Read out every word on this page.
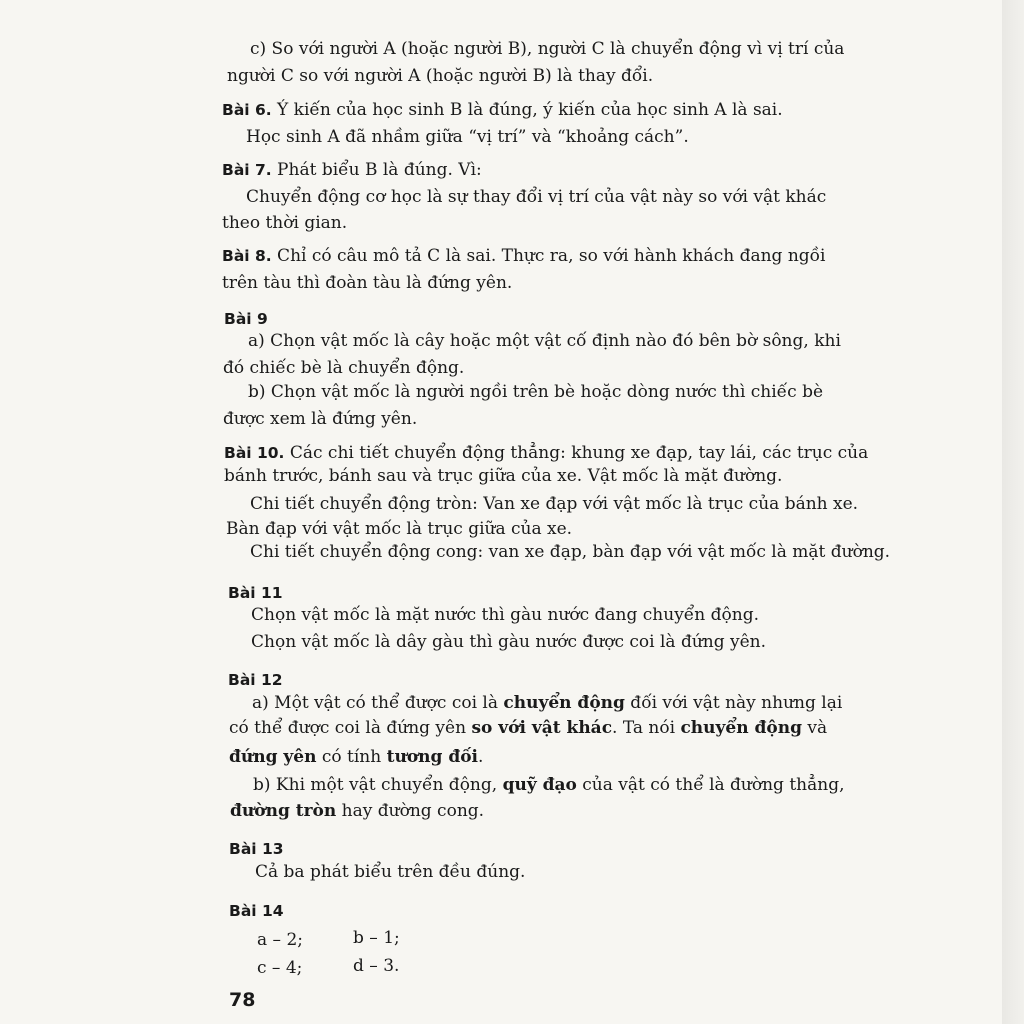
c) So với người A (hoặc người B), người C là chuyển động vì vị trí của
người C so với người A (hoặc người B) là thay đổi.
Bài 6. Ý kiến của học sinh B là đúng, ý kiến của học sinh A là sai.
Học sinh A đã nhầm giữa “vị trí” và “khoảng cách”.
Bài 7. Phát biểu B là đúng. Vì:
Chuyển động cơ học là sự thay đổi vị trí của vật này so với vật khác
theo thời gian.
Bài 8. Chỉ có câu mô tả C là sai. Thực ra, so với hành khách đang ngồi
trên tàu thì đoàn tàu là đứng yên.
Bài 9
a) Chọn vật mốc là cây hoặc một vật cố định nào đó bên bờ sông, khi
đó chiếc bè là chuyển động.
b) Chọn vật mốc là người ngồi trên bè hoặc dòng nước thì chiếc bè
được xem là đứng yên.
Bài 10. Các chi tiết chuyển động thẳng: khung xe đạp, tay lái, các trục của
bánh trước, bánh sau và trục giữa của xe. Vật mốc là mặt đường.
Chi tiết chuyển động tròn: Van xe đạp với vật mốc là trục của bánh xe.
Bàn đạp với vật mốc là trục giữa của xe.
Chi tiết chuyển động cong: van xe đạp, bàn đạp với vật mốc là mặt đường.
Bài 11
Chọn vật mốc là mặt nước thì gàu nước đang chuyển động.
Chọn vật mốc là dây gàu thì gàu nước được coi là đứng yên.
Bài 12
a) Một vật có thể được coi là chuyển động đối với vật này nhưng lại
có thể được coi là đứng yên so với vật khác. Ta nói chuyển động và
đứng yên có tính tương đối.
b) Khi một vật chuyển động, quỹ đạo của vật có thể là đường thẳng,
đường tròn hay đường cong.
Bài 13
Cả ba phát biểu trên đều đúng.
Bài 14
a – 2;	b – 1;
c – 4;	d – 3.
78
